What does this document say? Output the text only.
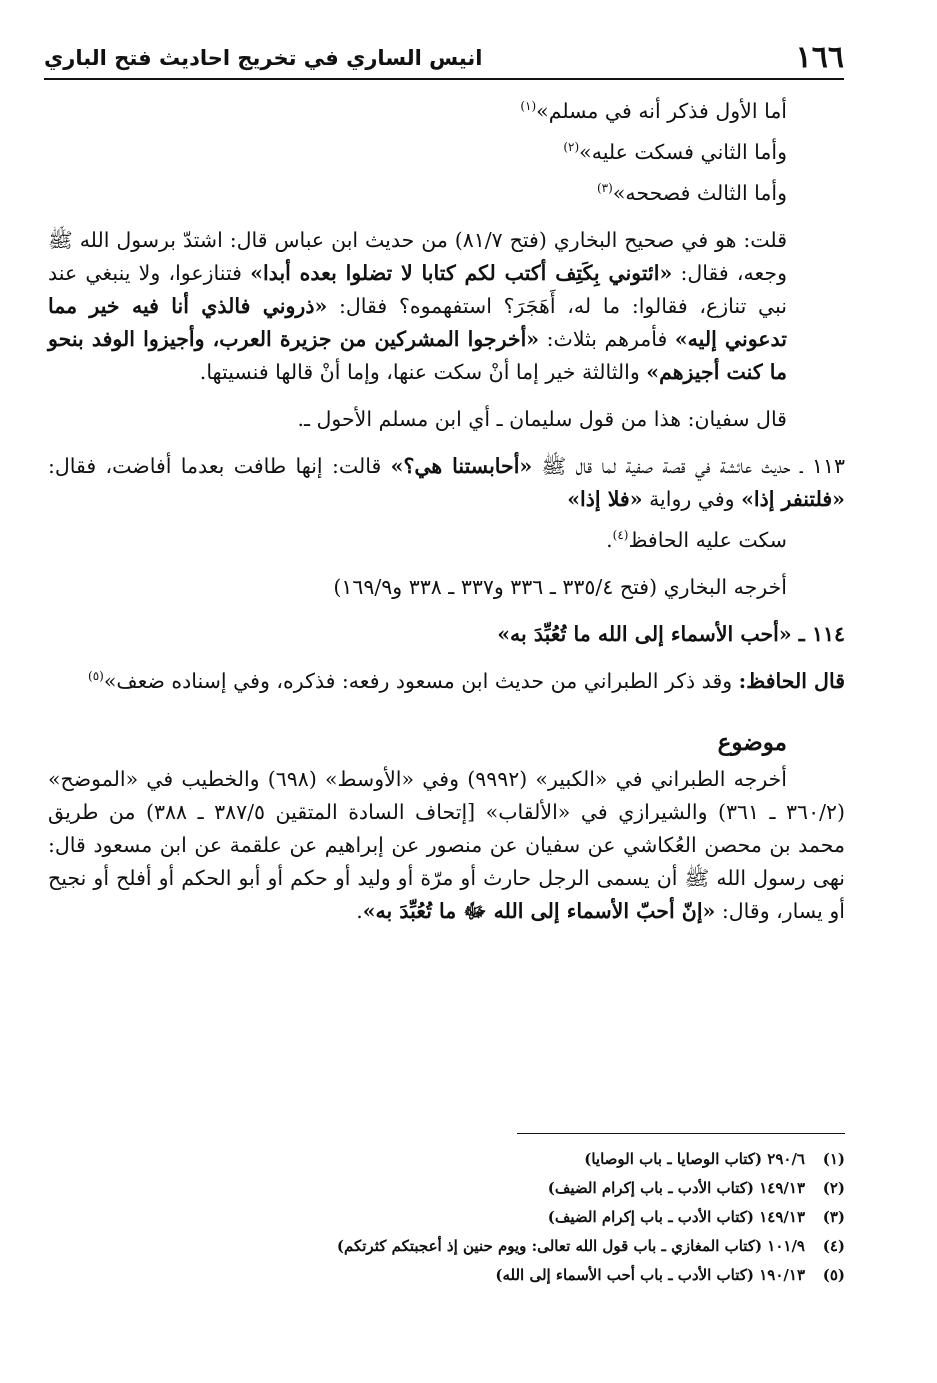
١٦٦
انيس الساري في تخريج احاديث فتح الباري

أما الأول فذكر أنه في مسلم»$^{(١)}$

وأما الثاني فسكت عليه»$^{(٢)}$

وأما الثالث فصححه»$^{(٣)}$

قلت: هو في صحيح البخاري (فتح ٨١/٧) من حديث ابن عباس قال: اشتدّ برسول الله ﷺ وجعه، فقال: «ائتوني بِكَتِف أكتب لكم كتابا لا تضلوا بعده أبدا» فتنازعوا، ولا ينبغي عند نبي تنازع، فقالوا: ما له، أَهَجَرَ؟ استفهموه؟ فقال: «ذروني فالذي أنا فيه خير مما تدعوني إليه» فأمرهم بثلاث: «أخرجوا المشركين من جزيرة العرب، وأجيزوا الوفد بنحو ما كنت أجيزهم» والثالثة خير إما أنْ سكت عنها، وإما أنْ قالها فنسيتها.

قال سفيان: هذا من قول سليمان ـ أي ابن مسلم الأحول ـ.

١١٣ ـ حديث عائشة في قصة صفية لما قال ﷺ «أحابستنا هي؟» قالت: إنها طافت بعدما أفاضت، فقال: «فلتنفر إذا» وفي رواية «فلا إذا»

سكت عليه الحافظ$^{(٤)}$.

أخرجه البخاري (فتح ٣٣٥/٤ ـ ٣٣٦ و٣٣٧ ـ ٣٣٨ و١٦٩/٩)

١١٤ ـ «أحب الأسماء إلى الله ما تُعُبِّدَ به»

قال الحافظ: وقد ذكر الطبراني من حديث ابن مسعود رفعه: فذكره، وفي إسناده ضعف»$^{(٥)}$

موضوع

أخرجه الطبراني في «الكبير» (٩٩٩٢) وفي «الأوسط» (٦٩٨) والخطيب في «الموضح» (٣٦٠/٢ ـ ٣٦١) والشيرازي في «الألقاب» [إتحاف السادة المتقين ٣٨٧/٥ ـ ٣٨٨) من طريق محمد بن محصن العُكاشي عن سفيان عن منصور عن إبراهيم عن علقمة عن ابن مسعود قال: نهى رسول الله ﷺ أن يسمى الرجل حارث أو مرّة أو وليد أو حكم أو أبو الحكم أو أفلح أو نجيح أو يسار، وقال: «إنّ أحبّ الأسماء إلى الله ﷻ ما تُعُبِّدَ به».

(١)٢٩٠/٦ (كتاب الوصايا ـ باب الوصايا)
(٢)١٤٩/١٣ (كتاب الأدب ـ باب إكرام الضيف)
(٣)١٤٩/١٣ (كتاب الأدب ـ باب إكرام الضيف)
(٤)١٠١/٩ (كتاب المغازي ـ باب قول الله تعالى: ويوم حنين إذ أعجبتكم كثرتكم)
(٥)١٩٠/١٣ (كتاب الأدب ـ باب أحب الأسماء إلى الله)
